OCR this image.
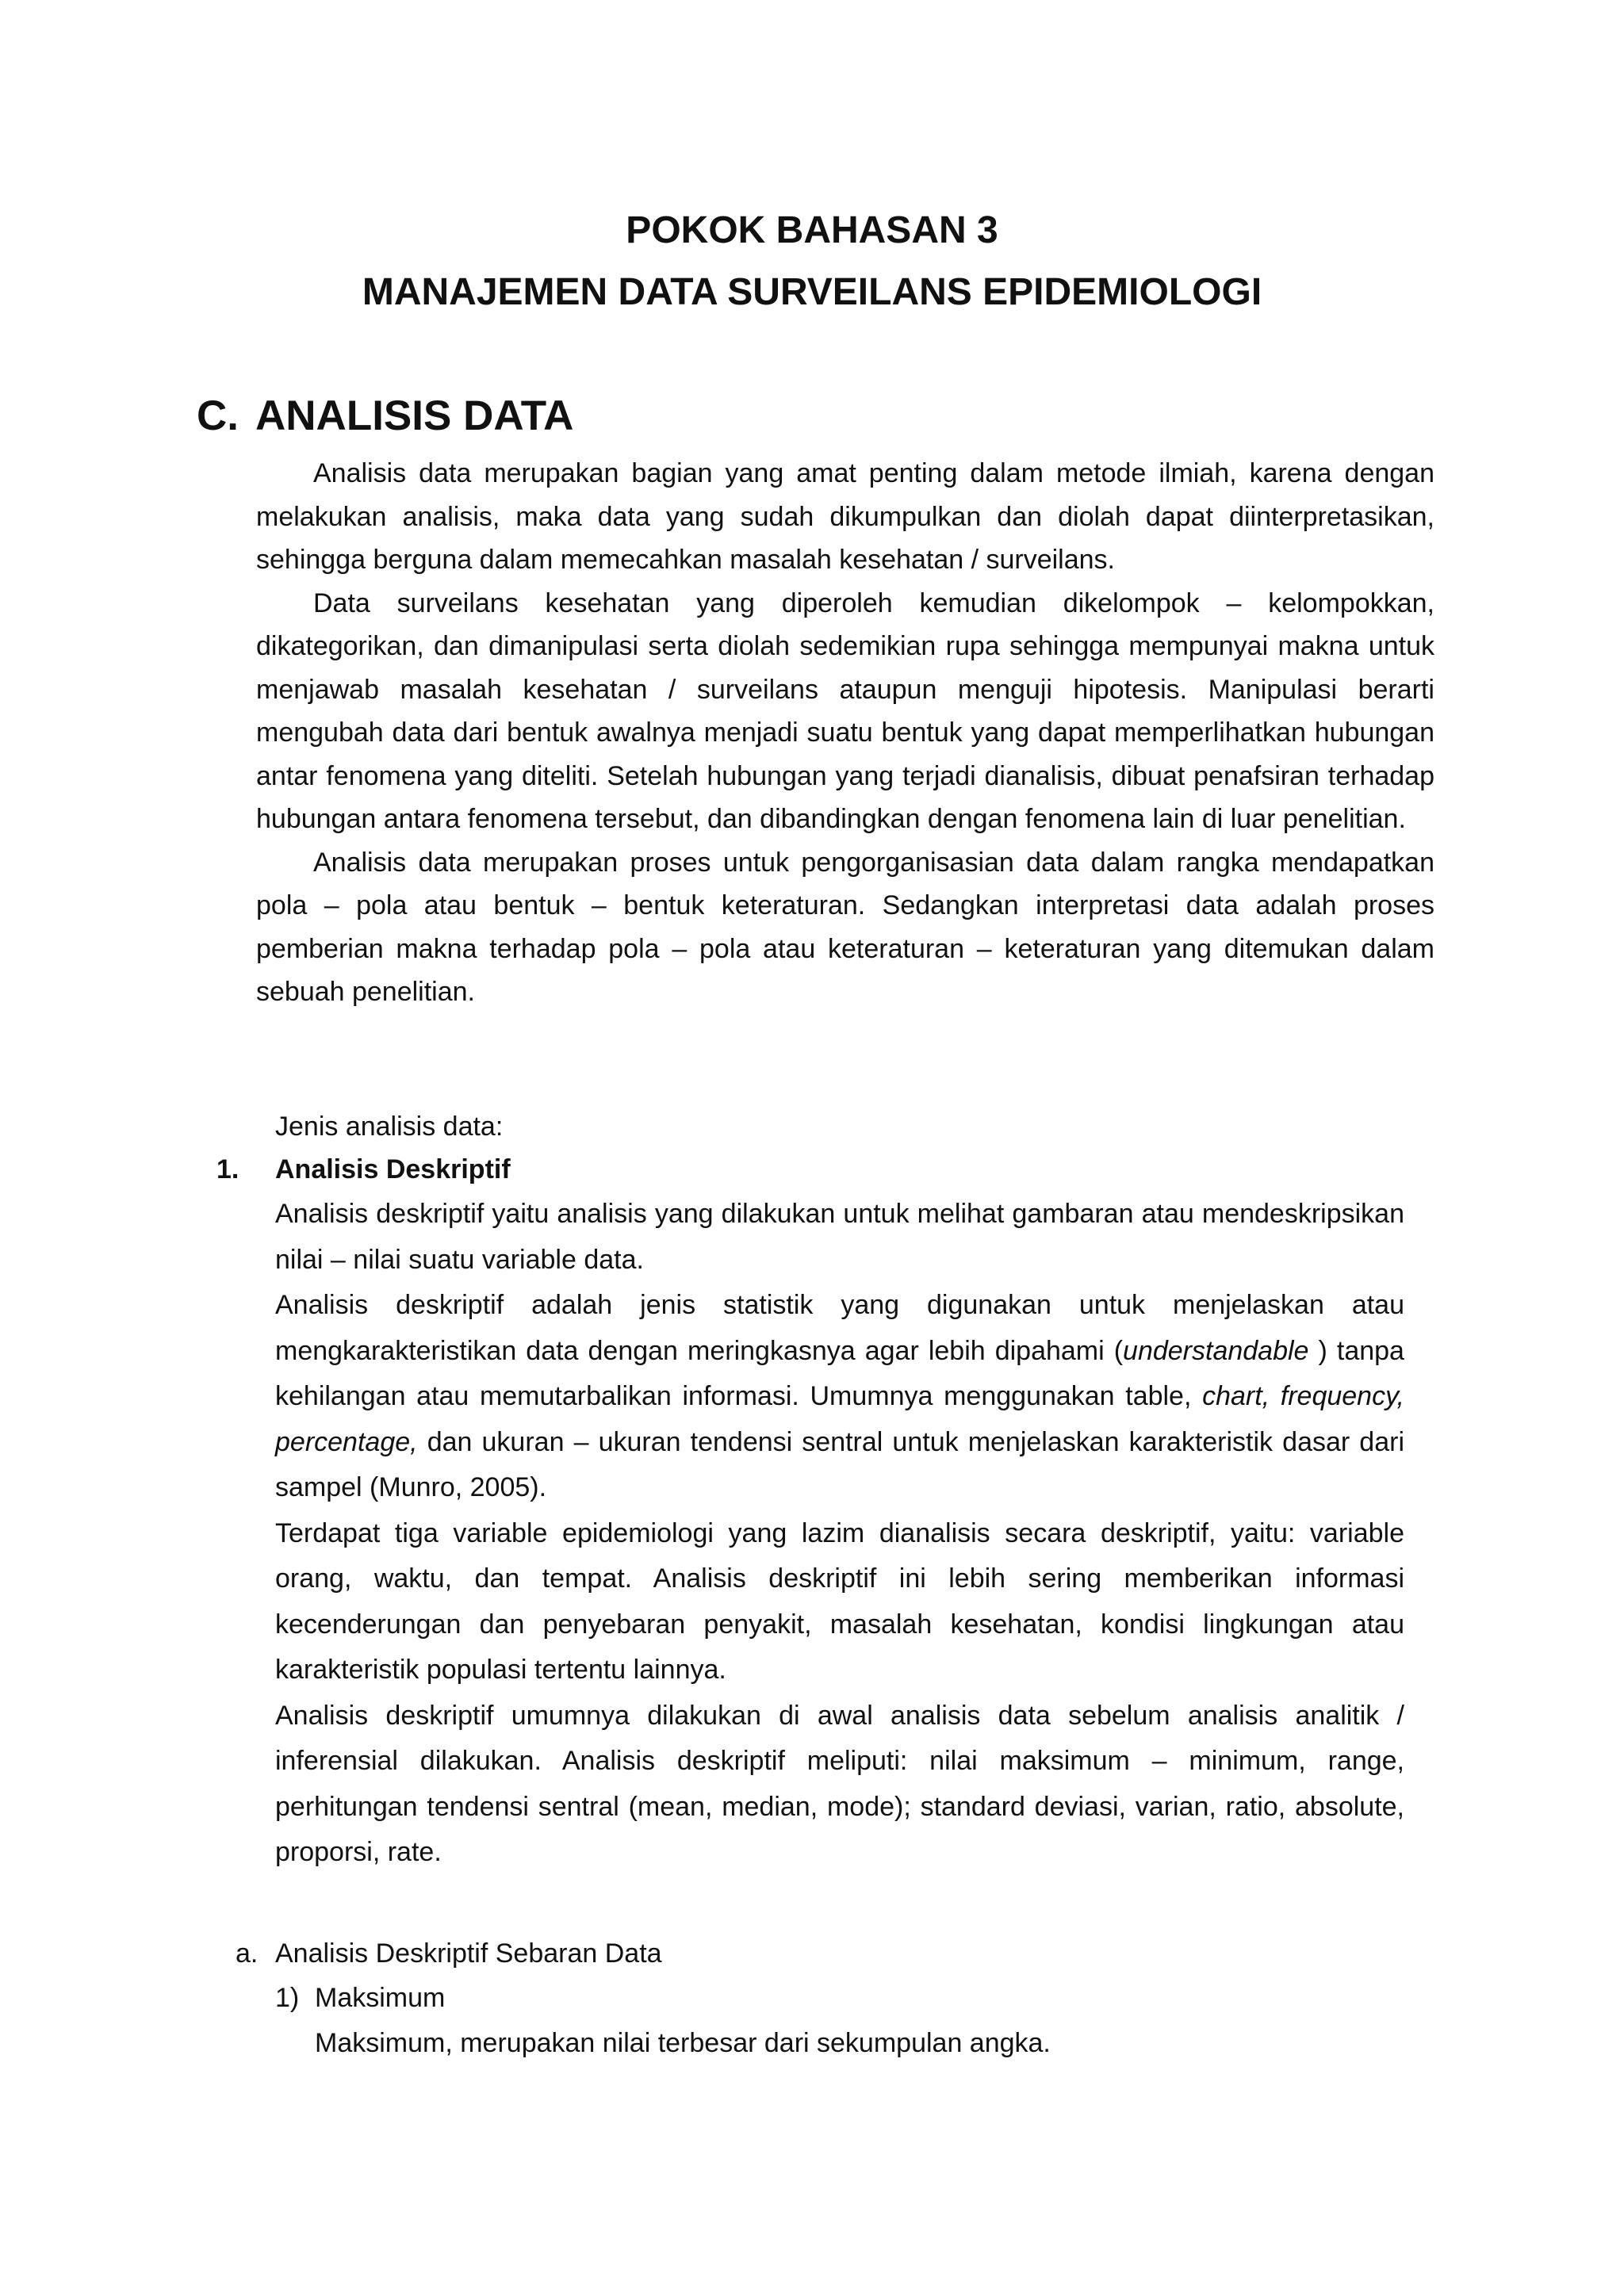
POKOK BAHASAN 3
MANAJEMEN DATA SURVEILANS EPIDEMIOLOGI
C. ANALISIS DATA

Analisis data merupakan bagian yang amat penting dalam metode ilmiah, karena dengan melakukan analisis, maka data yang sudah dikumpulkan dan diolah dapat diinterpretasikan, sehingga berguna dalam memecahkan masalah kesehatan / surveilans.

Data surveilans kesehatan yang diperoleh kemudian dikelompok – kelompokkan, dikategorikan, dan dimanipulasi serta diolah sedemikian rupa sehingga mempunyai makna untuk menjawab masalah kesehatan / surveilans ataupun menguji hipotesis. Manipulasi berarti mengubah data dari bentuk awalnya menjadi suatu bentuk yang dapat memperlihatkan hubungan antar fenomena yang diteliti. Setelah hubungan yang terjadi dianalisis, dibuat penafsiran terhadap hubungan antara fenomena tersebut, dan dibandingkan dengan fenomena lain di luar penelitian.

Analisis data merupakan proses untuk pengorganisasian data dalam rangka mendapatkan pola – pola atau bentuk – bentuk keteraturan. Sedangkan interpretasi data adalah proses pemberian makna terhadap pola – pola atau keteraturan – keteraturan yang ditemukan dalam sebuah penelitian.

Jenis analisis data:
1. Analisis Deskriptif

Analisis deskriptif yaitu analisis yang dilakukan untuk melihat gambaran atau mendeskripsikan nilai – nilai suatu variable data.

Analisis deskriptif adalah jenis statistik yang digunakan untuk menjelaskan atau mengkarakteristikan data dengan meringkasnya agar lebih dipahami (understandable ) tanpa kehilangan atau memutarbalikan informasi. Umumnya menggunakan table, chart, frequency, percentage, dan ukuran – ukuran tendensi sentral untuk menjelaskan karakteristik dasar dari sampel (Munro, 2005).

Terdapat tiga variable epidemiologi yang lazim dianalisis secara deskriptif, yaitu: variable orang, waktu, dan tempat. Analisis deskriptif ini lebih sering memberikan informasi kecenderungan dan penyebaran penyakit, masalah kesehatan, kondisi lingkungan atau karakteristik populasi tertentu lainnya.

Analisis deskriptif umumnya dilakukan di awal analisis data sebelum analisis analitik / inferensial dilakukan. Analisis deskriptif meliputi: nilai maksimum – minimum, range, perhitungan tendensi sentral (mean, median, mode); standard deviasi, varian, ratio, absolute, proporsi, rate.

a. Analisis Deskriptif Sebaran Data
1) Maksimum
Maksimum, merupakan nilai terbesar dari sekumpulan angka.
